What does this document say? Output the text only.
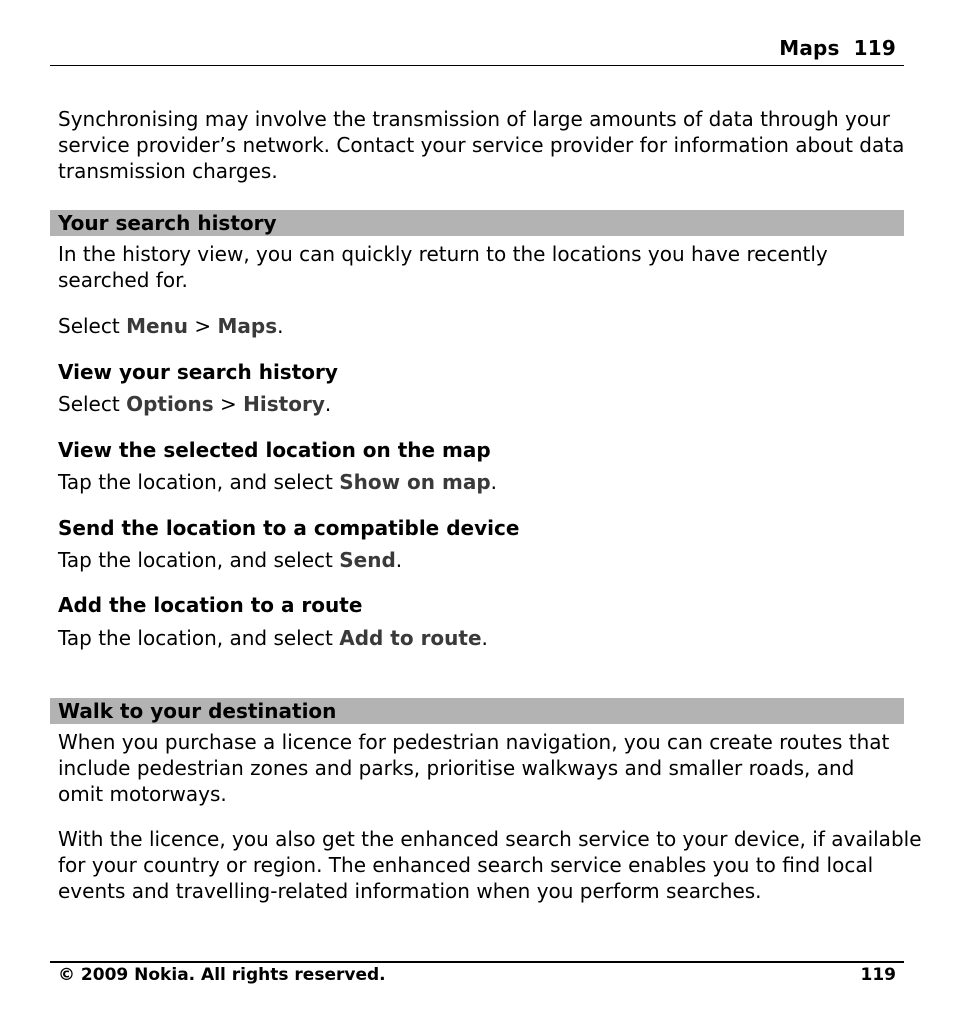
Maps 119
Synchronising may involve the transmission of large amounts of data through your
service provider’s network. Contact your service provider for information about data
transmission charges.
Your search history
In the history view, you can quickly return to the locations you have recently
searched for.
Select Menu > Maps.
View your search history
Select Options > History.
View the selected location on the map
Tap the location, and select Show on map.
Send the location to a compatible device
Tap the location, and select Send.
Add the location to a route
Tap the location, and select Add to route.
Walk to your destination
When you purchase a licence for pedestrian navigation, you can create routes that
include pedestrian zones and parks, prioritise walkways and smaller roads, and
omit motorways.
With the licence, you also get the enhanced search service to your device, if available
for your country or region. The enhanced search service enables you to find local
events and travelling-related information when you perform searches.
© 2009 Nokia. All rights reserved.	119
